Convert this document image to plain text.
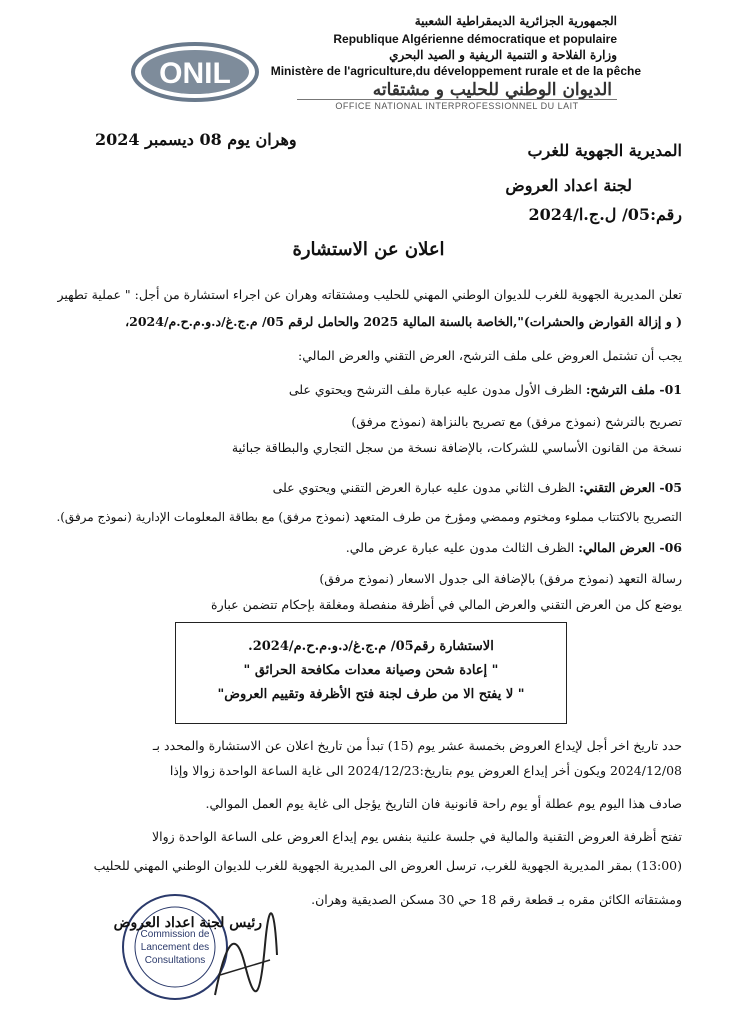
ONIL
الجمهورية الجزائرية الديمقراطية الشعبية
Republique Algérienne démocratique et populaire
وزارة الفلاحة و التنمية الريفية و الصيد البحري
Ministère de l'agriculture,du développement rurale et de la pêche
الديوان الوطني للحليب و مشتقاته
OFFICE NATIONAL INTERPROFESSIONNEL DU LAIT
وهران يوم 08 ديسمبر 2024
المديرية الجهوية للغرب
لجنة اعداد العروض
رقم:05/ ل.ج.ا/2024
اعلان عن الاستشارة
تعلن المديرية الجهوية للغرب للديوان الوطني المهني للحليب ومشتقاته وهران عن اجراء استشارة من أجل: " عملية تطهير
( و إزالة القوارض والحشرات)",الخاصة بالسنة المالية 2025 والحامل لرقم 05/ م.ج.غ/د.و.م.ح.م/2024،
يجب أن تشتمل العروض على ملف الترشح، العرض التقني والعرض المالي:
01- ملف الترشح: الظرف الأول مدون عليه عبارة ملف الترشح ويحتوي على
تصريح بالترشح (نموذج مرفق) مع تصريح بالنزاهة (نموذج مرفق)
نسخة من القانون الأساسي للشركات، بالإضافة نسخة من سجل التجاري والبطاقة جبائية
05- العرض التقني: الظرف الثاني مدون عليه عبارة العرض التقني ويحتوي على
التصريح بالاكتتاب مملوء ومختوم وممضي ومؤرخ من طرف المتعهد (نموذج مرفق) مع بطاقة المعلومات الإدارية (نموذج مرفق).
06- العرض المالي: الظرف الثالث مدون عليه عبارة عرض مالي.
رسالة التعهد (نموذج مرفق) بالإضافة الى جدول الاسعار (نموذج مرفق)
يوضع كل من العرض التقني والعرض المالي في أظرفة منفصلة ومغلقة بإحكام تتضمن عبارة
الاستشارة رقم05/ م.ج.غ/د.و.م.ح.م/2024.
" إعادة شحن وصيانة معدات مكافحة الحرائق "
" لا يفتح الا من طرف لجنة فتح الأظرفة وتقييم العروض"
حدد تاريخ اخر أجل لإيداع العروض بخمسة عشر يوم (15) تبدأ من تاريخ اعلان عن الاستشارة والمحدد بـ
2024/12/08 ويكون أخر إيداع العروض يوم بتاريخ:2024/12/23 الى غاية الساعة الواحدة زوالا وإذا
صادف هذا اليوم يوم عطلة أو يوم راحة قانونية فان التاريخ يؤجل الى غاية يوم العمل الموالي.
تفتح أظرفة العروض التقنية والمالية في جلسة علنية بنفس يوم إيداع العروض على الساعة الواحدة زوالا
(13:00) بمقر المديرية الجهوية للغرب، ترسل العروض الى المديرية الجهوية للغرب للديوان الوطني المهني للحليب
ومشتقاته الكائن مقره بـ قطعة رقم 18 حي 30 مسكن الصديقية وهران.
Commission de
Lancement des
Consultations
رئيس لجنة اعداد العروض
